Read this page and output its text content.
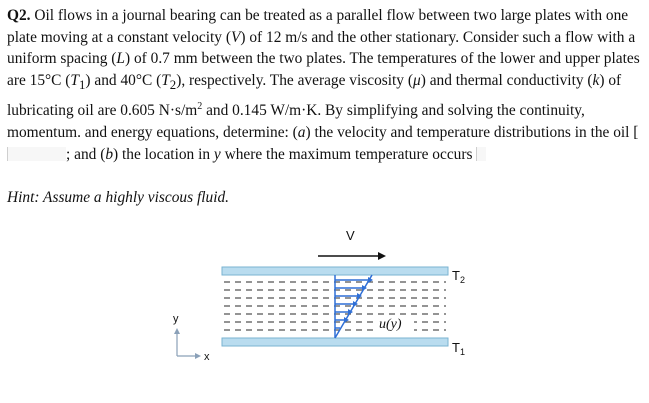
Q2. Oil flows in a journal bearing can be treated as a parallel flow between two large plates with one plate moving at a constant velocity (V) of 12 m/s and the other stationary. Consider such a flow with a uniform spacing (L) of 0.7 mm between the two plates. The temperatures of the lower and upper plates are 15°C $(T_1)$ and 40°C $(T_2)$, respectively. The average viscosity (μ) and thermal conductivity (k) of lubricating oil are 0.605 $N\cdot s/m^2$ and 0.145 W/m·K. By simplifying and solving the continuity, momentum. and energy equations, determine: (a) the velocity and temperature distributions in the oil [; and (b) the location in y where the maximum temperature occurs

Hint: Assume a highly viscous fluid.
V
u(y)
$T_2$
$T_1$
y
x
